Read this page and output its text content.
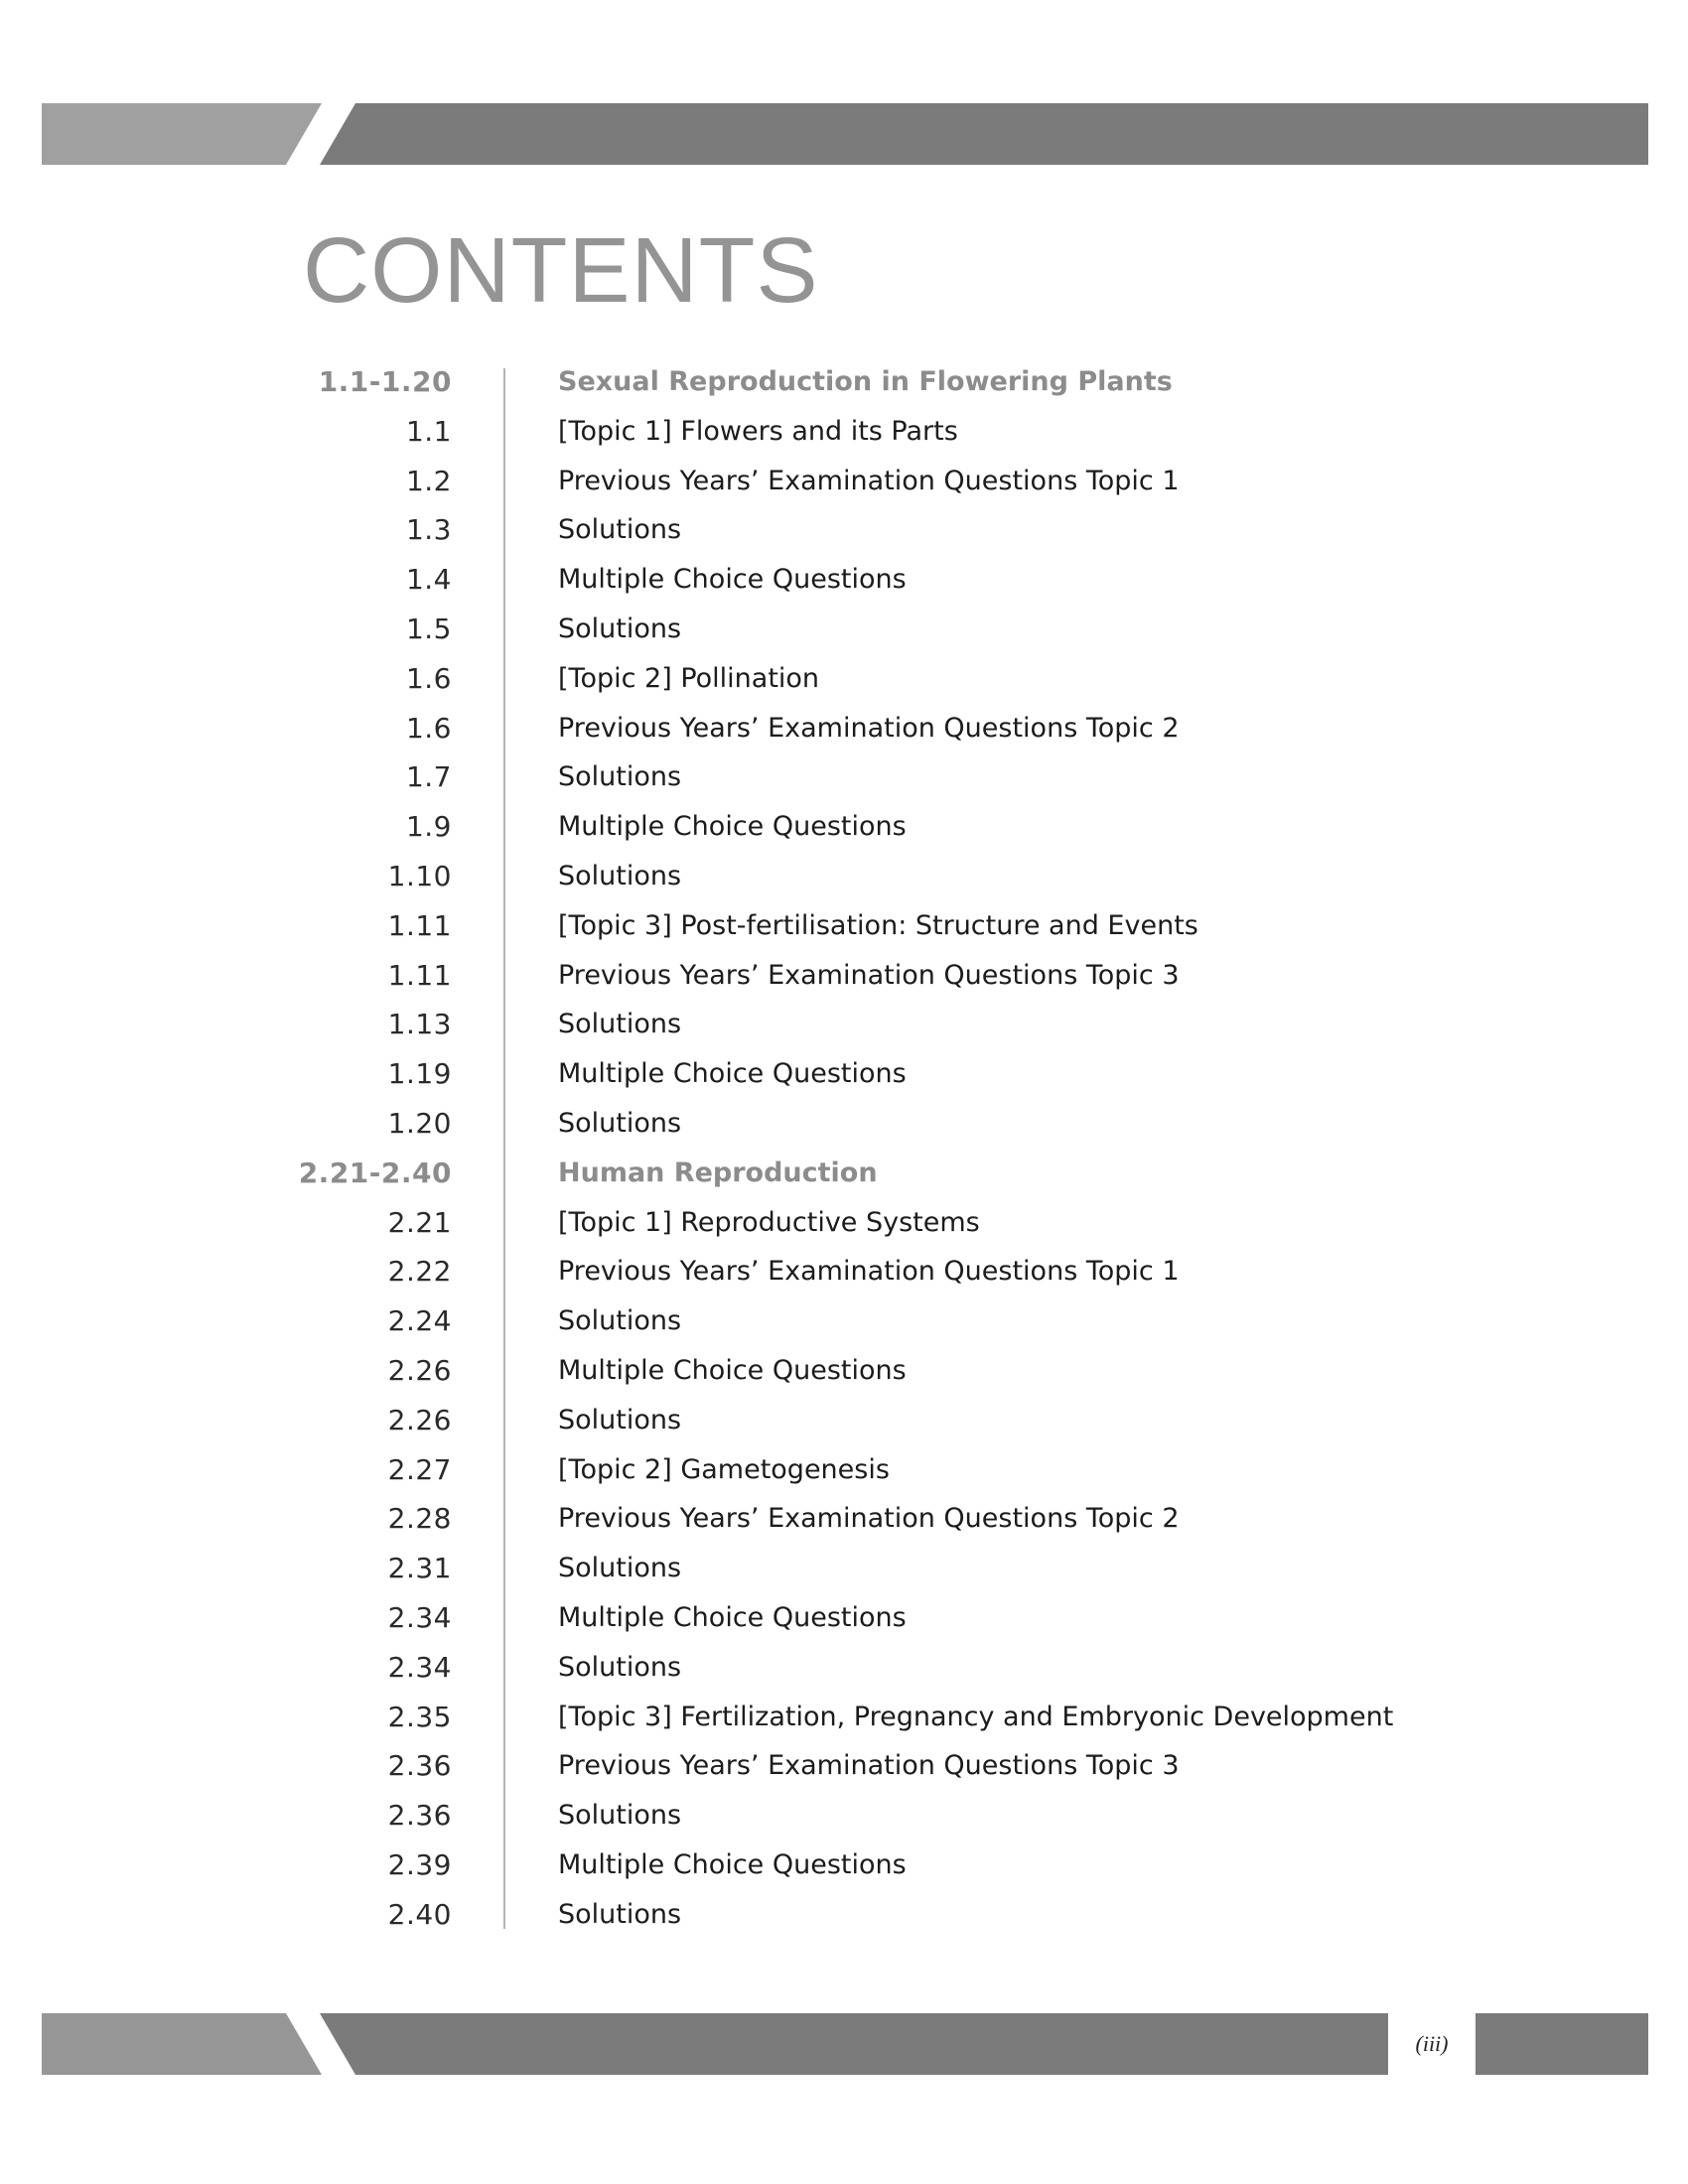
CONTENTS
1.1-1.20	Sexual Reproduction in Flowering Plants
1.1	[Topic 1] Flowers and its Parts
1.2	Previous Years’ Examination Questions Topic 1
1.3	Solutions
1.4	Multiple Choice Questions
1.5	Solutions
1.6	[Topic 2] Pollination
1.6	Previous Years’ Examination Questions Topic 2
1.7	Solutions
1.9	Multiple Choice Questions
1.10	Solutions
1.11	[Topic 3] Post-fertilisation: Structure and Events
1.11	Previous Years’ Examination Questions Topic 3
1.13	Solutions
1.19	Multiple Choice Questions
1.20	Solutions
2.21-2.40	Human Reproduction
2.21	[Topic 1] Reproductive Systems
2.22	Previous Years’ Examination Questions Topic 1
2.24	Solutions
2.26	Multiple Choice Questions
2.26	Solutions
2.27	[Topic 2] Gametogenesis
2.28	Previous Years’ Examination Questions Topic 2
2.31	Solutions
2.34	Multiple Choice Questions
2.34	Solutions
2.35	[Topic 3] Fertilization, Pregnancy and Embryonic Development
2.36	Previous Years’ Examination Questions Topic 3
2.36	Solutions
2.39	Multiple Choice Questions
2.40	Solutions
(iii)
